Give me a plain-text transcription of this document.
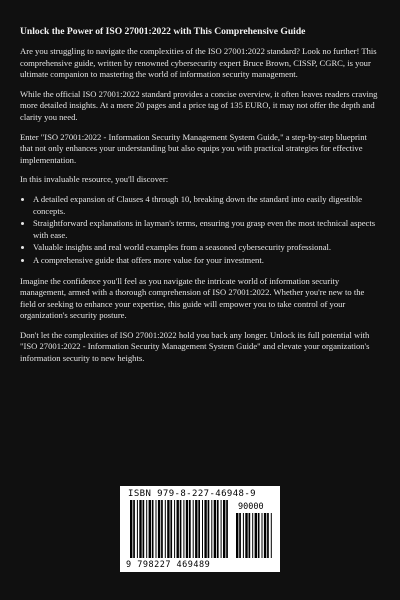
Unlock the Power of ISO 27001:2022 with This Comprehensive Guide

Are you struggling to navigate the complexities of the ISO 27001:2022 standard? Look no further! This comprehensive guide, written by renowned cybersecurity expert Bruce Brown, CISSP, CGRC, is your ultimate companion to mastering the world of information security management.

While the official ISO 27001:2022 standard provides a concise overview, it often leaves readers craving more detailed insights. At a mere 20 pages and a price tag of 135 EURO, it may not offer the depth and clarity you need.

Enter "ISO 27001:2022 - Information Security Management System Guide," a step-by-step blueprint that not only enhances your understanding but also equips you with practical strategies for effective implementation.

In this invaluable resource, you'll discover:

• A detailed expansion of Clauses 4 through 10, breaking down the standard into easily digestible concepts.
• Straightforward explanations in layman's terms, ensuring you grasp even the most technical aspects with ease.
• Valuable insights and real world examples from a seasoned cybersecurity professional.
• A comprehensive guide that offers more value for your investment.

Imagine the confidence you'll feel as you navigate the intricate world of information security management, armed with a thorough comprehension of ISO 27001:2022. Whether you're new to the field or seeking to enhance your expertise, this guide will empower you to take control of your organization's security posture.

Don't let the complexities of ISO 27001:2022 hold you back any longer. Unlock its full potential with "ISO 27001:2022 - Information Security Management System Guide" and elevate your organization's information security to new heights.

ISBN 979-8-227-46948-9
90000
9 798227 469489
